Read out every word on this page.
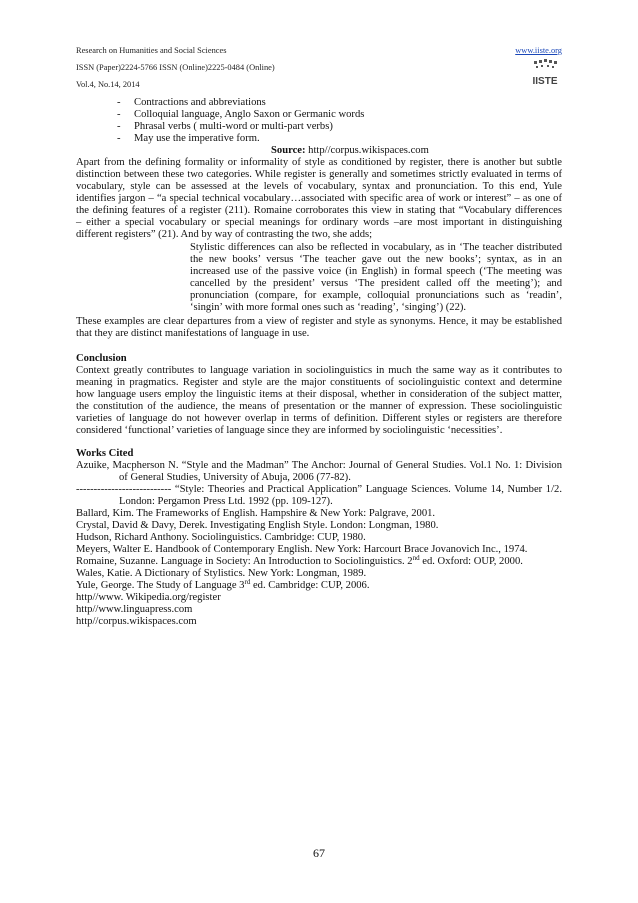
Research on Humanities and Social Sciences
ISSN (Paper)2224-5766 ISSN (Online)2225-0484 (Online)
Vol.4, No.14, 2014
www.iiste.org
IISTE
- Contractions and abbreviations
- Colloquial language, Anglo Saxon or Germanic words
- Phrasal verbs ( multi-word or multi-part verbs)
- May use the imperative form.
Source: http//corpus.wikispaces.com
Apart from the defining formality or informality of style as conditioned by register, there is another but subtle
distinction between these two categories. While register is generally and sometimes strictly evaluated in terms of
vocabulary, style can be assessed at the levels of vocabulary, syntax and pronunciation. To this end, Yule
identifies jargon – “a special technical vocabulary…associated with specific area of work or interest” – as one of
the defining features of a register (211). Romaine corroborates this view in stating that “Vocabulary differences
– either a special vocabulary or special meanings for ordinary words –are most important in distinguishing
different registers” (21). And by way of contrasting the two, she adds;
Stylistic differences can also be reflected in vocabulary, as in ‘The teacher distributed
the new books’ versus ‘The teacher gave out the new books’; syntax, as in an
increased use of the passive voice (in English) in formal speech (‘The meeting was
cancelled by the president’ versus ‘The president called off the meeting’); and
pronunciation (compare, for example, colloquial pronunciations such as ‘readin’,
‘singin’ with more formal ones such as ‘reading’, ‘singing’) (22).
These examples are clear departures from a view of register and style as synonyms. Hence, it may be established
that they are distinct manifestations of language in use.
Conclusion
Context greatly contributes to language variation in sociolinguistics in much the same way as it contributes to
meaning in pragmatics. Register and style are the major constituents of sociolinguistic context and determine
how language users employ the linguistic items at their disposal, whether in consideration of the subject matter,
the constitution of the audience, the means of presentation or the manner of expression. These sociolinguistic
varieties of language do not however overlap in terms of definition. Different styles or registers are therefore
considered ‘functional’ varieties of language since they are informed by sociolinguistic ‘necessities’.
Works Cited
Azuike, Macpherson N. “Style and the Madman” The Anchor: Journal of General Studies. Vol.1 No. 1: Division
of General Studies, University of Abuja, 2006 (77-82).
--------------------------- “Style: Theories and Practical Application” Language Sciences. Volume 14, Number 1/2.
London: Pergamon Press Ltd. 1992 (pp. 109-127).
Ballard, Kim. The Frameworks of English. Hampshire & New York: Palgrave, 2001.
Crystal, David & Davy, Derek. Investigating English Style. London: Longman, 1980.
Hudson, Richard Anthony. Sociolinguistics. Cambridge: CUP, 1980.
Meyers, Walter E. Handbook of Contemporary English. New York: Harcourt Brace Jovanovich Inc., 1974.
Romaine, Suzanne. Language in Society: An Introduction to Sociolinguistics. 2nd ed. Oxford: OUP, 2000.
Wales, Katie. A Dictionary of Stylistics. New York: Longman, 1989.
Yule, George. The Study of Language 3rd ed. Cambridge: CUP, 2006.
http//www. Wikipedia.org/register
http//www.linguapress.com
http//corpus.wikispaces.com
67
